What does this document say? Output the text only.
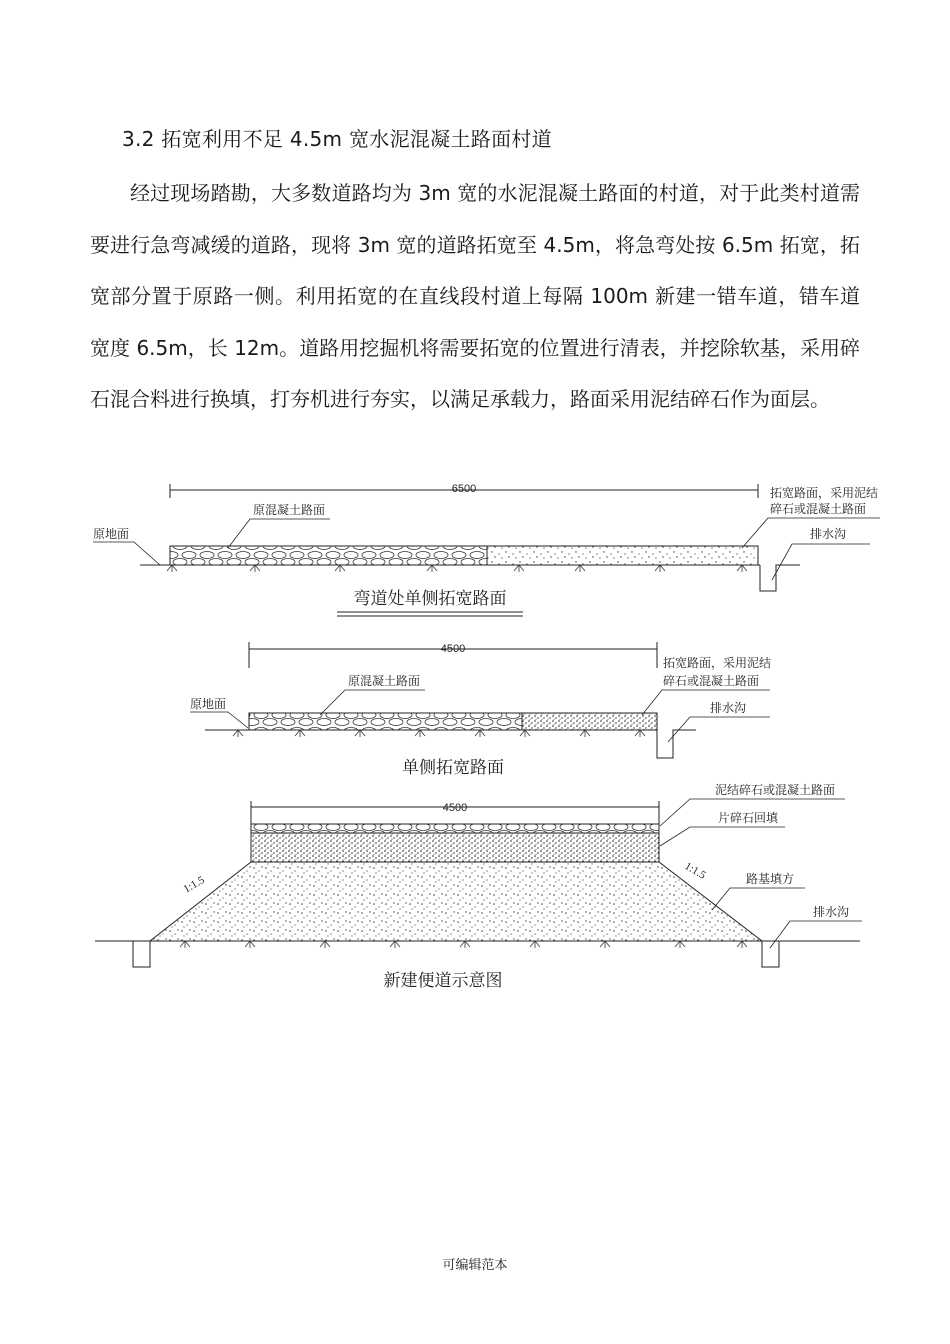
3.2 拓宽利用不足 4.5m 宽水泥混凝土路面村道

经过现场踏勘，大多数道路均为 3m 宽的水泥混凝土路面的村道，对于此类村道需要进行急弯减缓的道路，现将 3m 宽的道路拓宽至 4.5m，将急弯处按 6.5m 拓宽，拓宽部分置于原路一侧。利用拓宽的在直线段村道上每隔 100m 新建一错车道，错车道宽度 6.5m，长 12m。道路用挖掘机将需要拓宽的位置进行清表，并挖除软基，采用碎石混合料进行换填，打夯机进行夯实，以满足承载力，路面采用泥结碎石作为面层。

6500
原地面
原混凝土路面
拓宽路面，采用泥结
碎石或混凝土路面
排水沟
弯道处单侧拓宽路面
4500
原地面
原混凝土路面
拓宽路面，采用泥结
碎石或混凝土路面
排水沟
单侧拓宽路面
4500
1:1.5
1:1.5
泥结碎石或混凝土路面
片碎石回填
路基填方
排水沟
新建便道示意图
可编辑范本
